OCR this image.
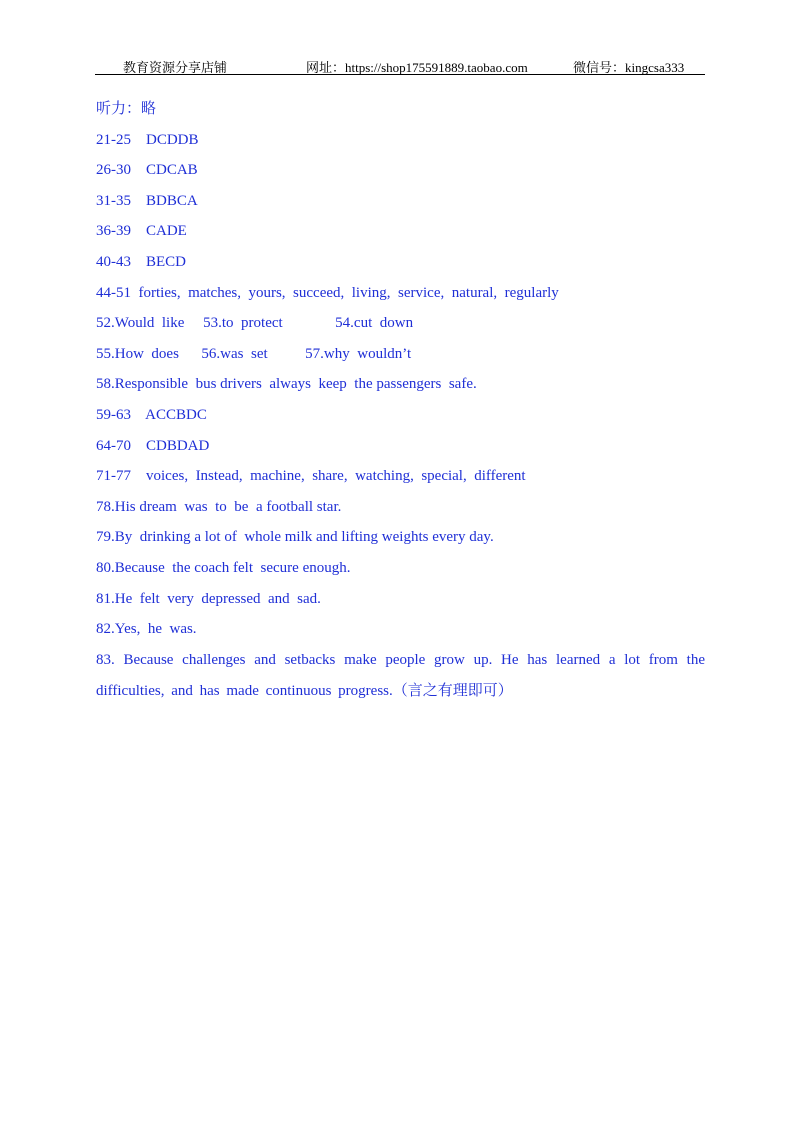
教育资源分享店铺	网址：https://shop175591889.taobao.com	微信号：kingcsa333
听力：略
21-25    DCDDB
26-30    CDCAB
31-35    BDBCA
36-39    CADE
40-43    BECD
44-51  forties,  matches,  yours,  succeed,  living,  service,  natural,  regularly
52.Would  like     53.to  protect              54.cut  down
55.How  does      56.was  set          57.why  wouldn’t
58.Responsible  bus drivers  always  keep  the passengers  safe.
59-63    ACCBDC
64-70    CDBDAD
71-77    voices,  Instead,  machine,  share,  watching,  special,  different
78.His dream  was  to  be  a football star.
79.By  drinking a lot of  whole milk and lifting weights every day.
80.Because  the coach felt  secure enough.
81.He  felt  very  depressed  and  sad.
82.Yes,  he  was.
83. Because challenges and setbacks make people grow up. He has learned a lot from the difficulties, and has made continuous progress.（言之有理即可）
